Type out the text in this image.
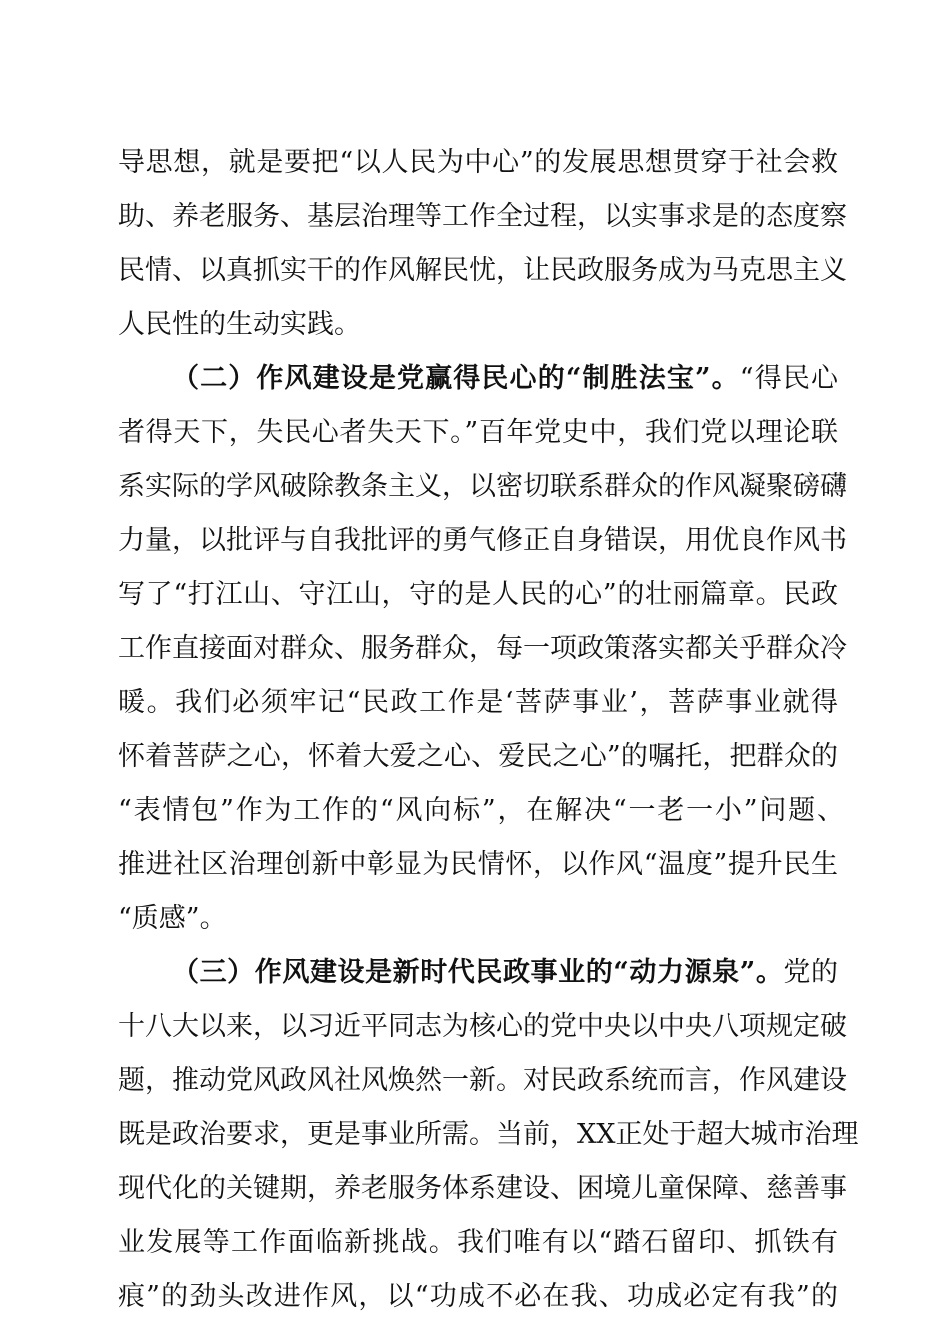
导思想，就是要把“以人民为中心”的发展思想贯穿于社会救
助、养老服务、基层治理等工作全过程，以实事求是的态度察
民情、以真抓实干的作风解民忧，让民政服务成为马克思主义
人民性的生动实践。
（二）作风建设是党赢得民心的“制胜法宝”。“得民心
者得天下，失民心者失天下。”百年党史中，我们党以理论联
系实际的学风破除教条主义，以密切联系群众的作风凝聚磅礴
力量，以批评与自我批评的勇气修正自身错误，用优良作风书
写了“打江山、守江山，守的是人民的心”的壮丽篇章。民政
工作直接面对群众、服务群众，每一项政策落实都关乎群众冷
暖。我们必须牢记“民政工作是‘菩萨事业’，菩萨事业就得
怀着菩萨之心，怀着大爱之心、爱民之心”的嘱托，把群众的
“表情包”作为工作的“风向标”，在解决“一老一小”问题、
推进社区治理创新中彰显为民情怀，以作风“温度”提升民生
“质感”。
（三）作风建设是新时代民政事业的“动力源泉”。党的
十八大以来，以习近平同志为核心的党中央以中央八项规定破
题，推动党风政风社风焕然一新。对民政系统而言，作风建设
既是政治要求，更是事业所需。当前，XX正处于超大城市治理
现代化的关键期，养老服务体系建设、困境儿童保障、慈善事
业发展等工作面临新挑战。我们唯有以“踏石留印、抓铁有
痕”的劲头改进作风，以“功成不必在我、功成必定有我”的
